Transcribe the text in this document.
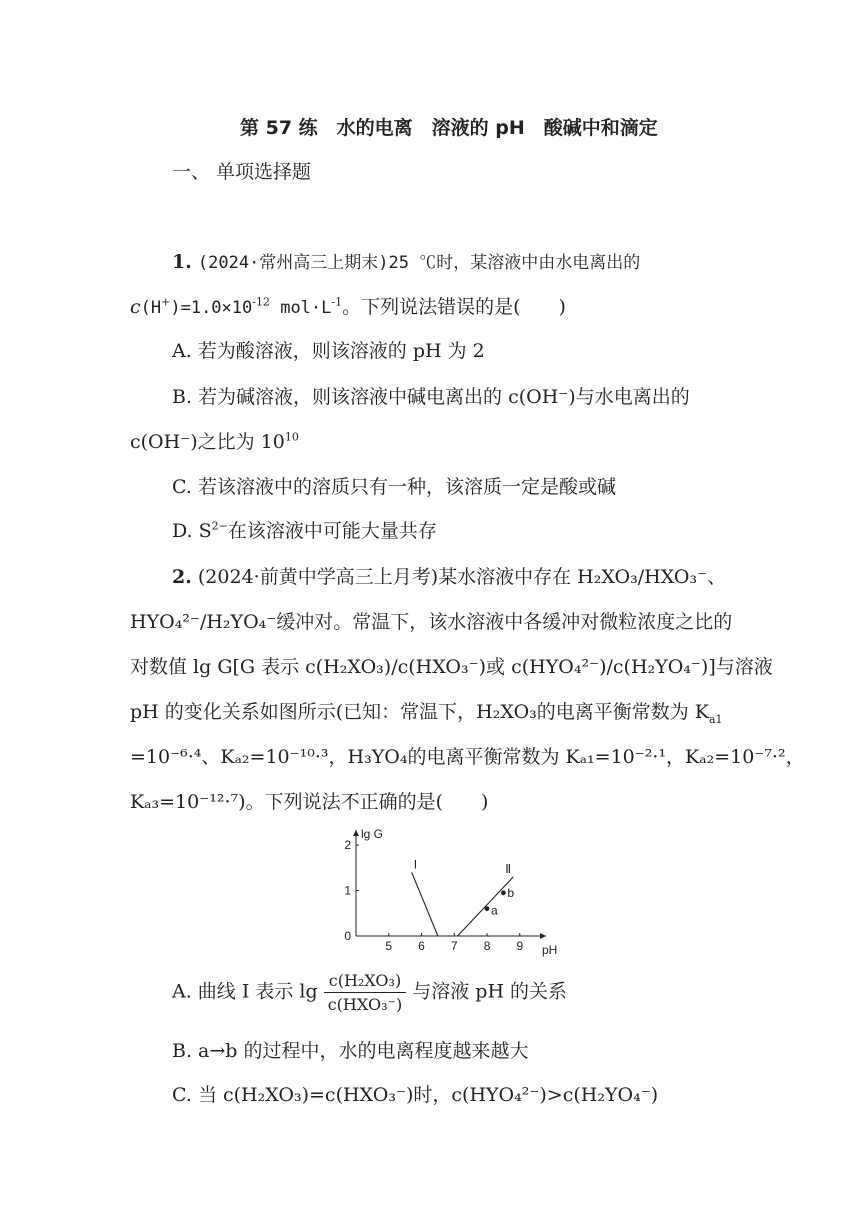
第 57 练　水的电离　溶液的 pH　酸碱中和滴定
一、 单项选择题
1. (2024·常州高三上期末)25 ℃时，某溶液中由水电离出的
$c(H^+)=1.0\times 10^{-12}$ $mol\cdot L^{-1}$。下列说法错误的是(　　)
A. 若为酸溶液，则该溶液的 pH 为 2
B. 若为碱溶液，则该溶液中碱电离出的 c(OH⁻)与水电离出的
c(OH⁻)之比为 $10^{10}$
C. 若该溶液中的溶质只有一种，该溶质一定是酸或碱
D. $S^{2-}$在该溶液中可能大量共存
2. (2024·前黄中学高三上月考)某水溶液中存在 H₂XO₃/HXO₃⁻、
HYO₄²⁻/H₂YO₄⁻缓冲对。常温下，该水溶液中各缓冲对微粒浓度之比的
对数值 lg G[G 表示 c(H₂XO₃)/c(HXO₃⁻)或 c(HYO₄²⁻)/c(H₂YO₄⁻)]与溶液
pH 的变化关系如图所示(已知：常温下，H₂XO₃的电离平衡常数为 $K_{a1}$
=10⁻⁶·⁴、Kₐ₂=10⁻¹⁰·³，H₃YO₄的电离平衡常数为 Kₐ₁=10⁻²·¹，Kₐ₂=10⁻⁷·²，
Kₐ₃=10⁻¹²·⁷)。下列说法不正确的是(　　)
5 6 7 8 9
0
1
2
lg G
pH
I	Ⅱ
a
b
A. 曲线 I 表示 $\lg \frac{\text{c(H₂XO₃)}}{\text{c(HXO₃⁻)}}$ 与溶液 pH 的关系
B. a→b 的过程中，水的电离程度越来越大
C. 当 c(H₂XO₃)=c(HXO₃⁻)时，c(HYO₄²⁻)>c(H₂YO₄⁻)
